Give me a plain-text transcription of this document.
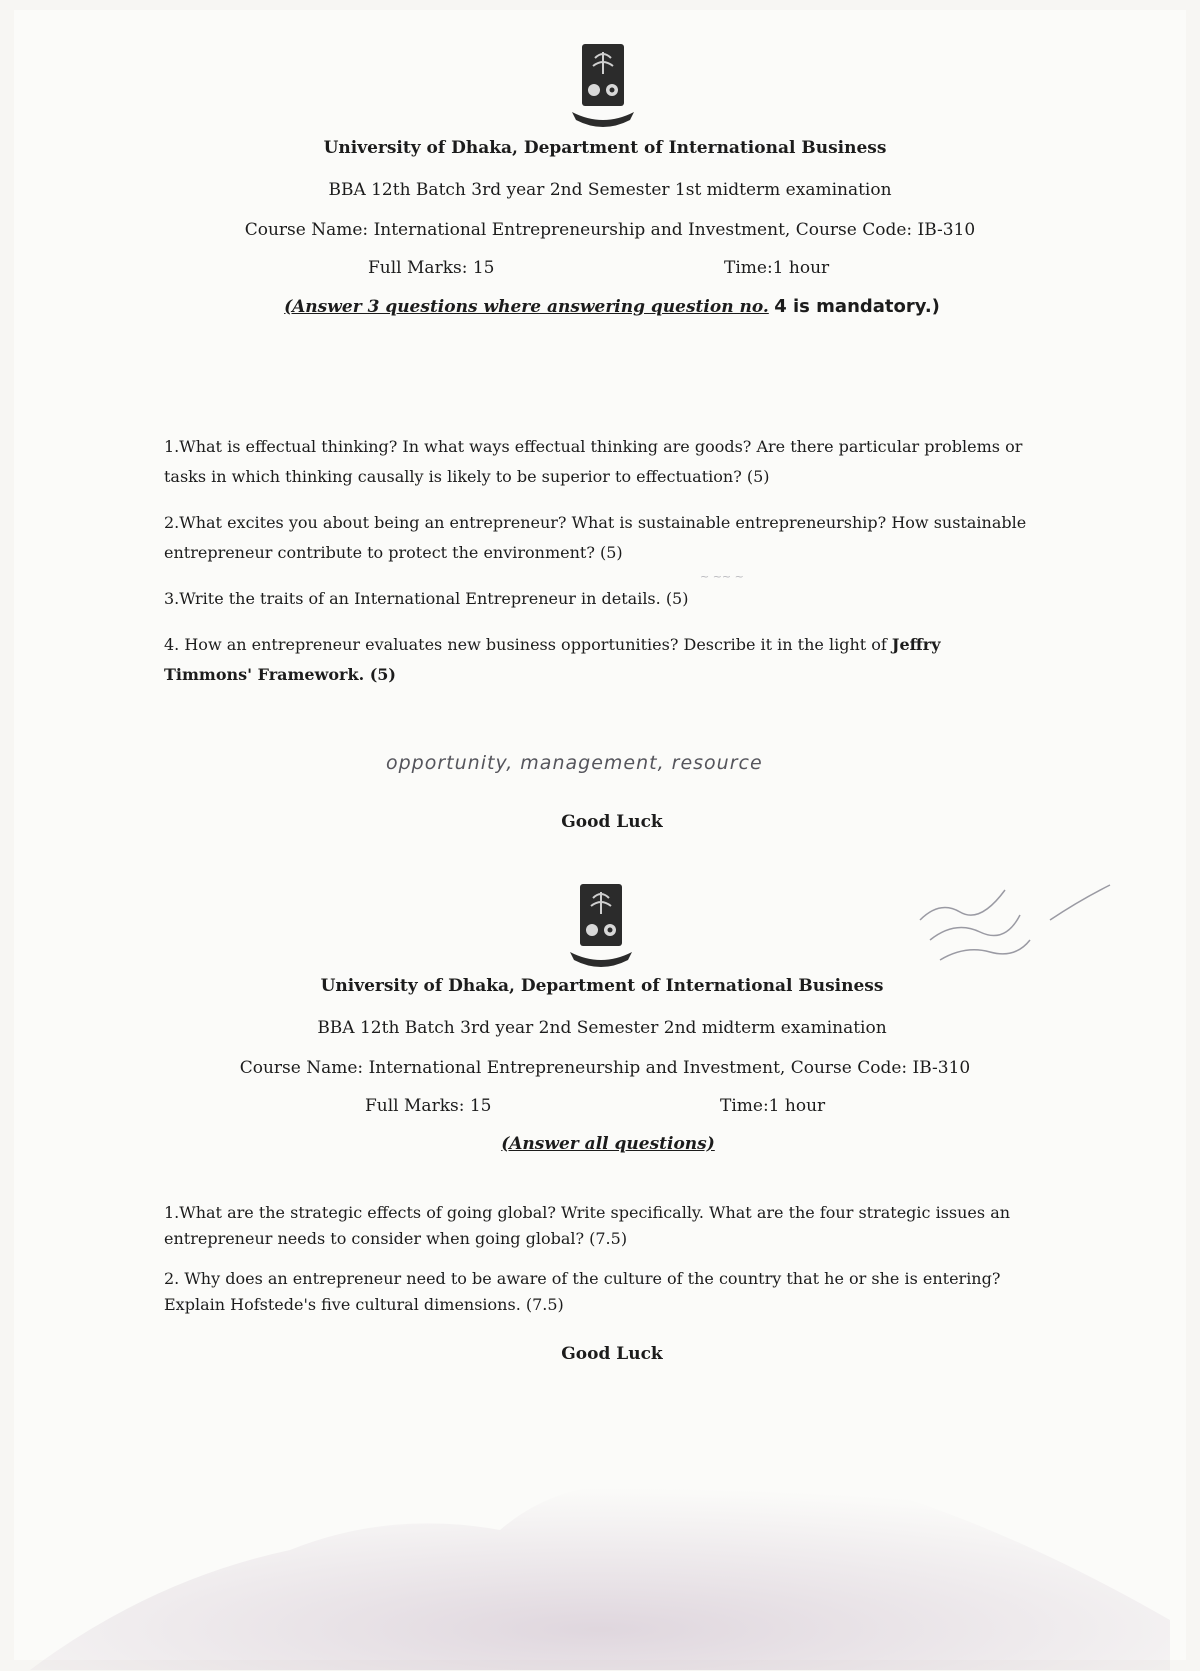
University of Dhaka, Department of International Business
BBA 12th Batch 3rd year 2nd Semester 1st midterm examination
Course Name: International Entrepreneurship and Investment, Course Code: IB-310
Full Marks: 15	Time:1 hour
(Answer 3 questions where answering question no. 4 is mandatory.)

1.What is effectual thinking? In what ways effectual thinking are goods? Are there particular problems or tasks in which thinking causally is likely to be superior to effectuation? (5)

2.What excites you about being an entrepreneur? What is sustainable entrepreneurship? How sustainable entrepreneur contribute to protect the environment? (5)

3.Write the traits of an International Entrepreneur in details. (5)

4. How an entrepreneur evaluates new business opportunities? Describe it in the light of Jeffry Timmons' Framework. (5)

opportunity, management, resource
~ ~~ ~
Good Luck
University of Dhaka, Department of International Business
BBA 12th Batch 3rd year 2nd Semester 2nd midterm examination
Course Name: International Entrepreneurship and Investment, Course Code: IB-310
Full Marks: 15	Time:1 hour
(Answer all questions)

1.What are the strategic effects of going global? Write specifically. What are the four strategic issues an entrepreneur needs to consider when going global? (7.5)

2. Why does an entrepreneur need to be aware of the culture of the country that he or she is entering? Explain Hofstede's five cultural dimensions. (7.5)

Good Luck
